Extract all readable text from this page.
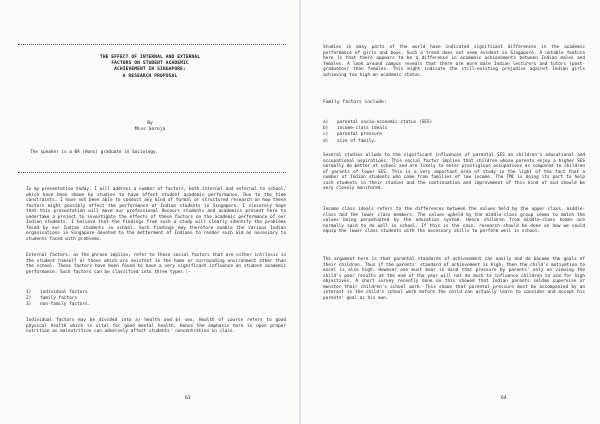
THE EFFECT OF INTERNAL AND EXTERNAL
FACTORS ON STUDENT ACADEMIC
ACHIEVEMENT IN SINGAPORE:
A RESEARCH PROPOSAL
By
Miss Saroja
The speaker is a BA (Hons) graduate in Sociology.
In my presentation today, I will address a number of factors, both internal and external to school, which have been shown by studies to have affect student academic performance. Due to the time constraints, I have not been able to conduct any kind of formal or structured research on how these factors might possibly affect the performance of Indian students in Singapore. I sincerely hope that this presentation will move our professional Hocours students and academics present here to undertake a project to investigate the effects of these factors on the academic performance of our Indian students. I believe that the findings from such a study will clearly identify the problems faced by our Indian students in school. Such findings may therefore enable the various Indian organisations in Singapore devoted to the betterment of Indians to render such aid as necessary to students faced with problems.
External factors, as the phrase implies, refer to those social factors that are either intrinsic in the student himself or those which are existent in the home or surrounding environment other than the school. These factors have been found to have a very significant influence on student academic performance. Such factors can be classified into three types :-
1)	individual factors
2)	family factors
3)	non-family factors.
Individual factors may be divided into a) health and b) sex. Health of course refers to good physical health which is vital for good mental health. Hence the emphasis here is upon proper nutrition as malnutrition can adversely affect students' concentration in class.
63
Studies in many parts of the world have indicated significant differences in the academic performance of girls and boys. Such a trend does not seem evident in Singapore. A notable feature here is that there appears to be a difference in academic achievements between Indian males and females. A look around campus reveals that there are more male Indian lecturers and tutors (post-graduates) than females. This might indicate the still-existing prejudice against Indian girls achieving too high an academic status.
Family factors include:
a)	parental socio-economic status (SES)
b)	income-class ideals
c)	parental pressure
d)	size of family.
Several studies allude to the significant influences of parental SES on children's educational and occupational aspirations. This social factor implies that children whose parents enjoy a higher SES normally do better at school and are likely to enter prestigious occupations as compared to children of parents of lower SES. This is a very important area of study in the light of the fact that a number of Indian students who come from families of low income. The TMC is doing its part to help such students in their studies and the continuation and improvement of this kind of aid should be very closely monitored.
Income class ideals refers to the differences between the values held by the upper class, middle-class and the lower class members. The values upheld by the middle-class group seems to match the values being perpetuated by the education system. Hence children from middle-class homes are normally said to do well in school. If this is the case, research should be done on how we could equip the lower class students with the necessary skills to perform well in school.
The argument here is that parental standards of achievement can easily and do become the goals of their children. Thus if the parents' standard of achievement is high, then the child's motivation to excel is also high. However one must bear in mind that pressure by parents' only on viewing the child's poor results at the end of the year will not do much to influence children to aim for high objectives. A short survey recently done on this showed that Indian parents seldom supervise or monitor their children's school work. This shows that parental pressure must be accompanied by an interest in the child's school work before the child can actually learn to consider and accept his parents' goal as his own.
64
